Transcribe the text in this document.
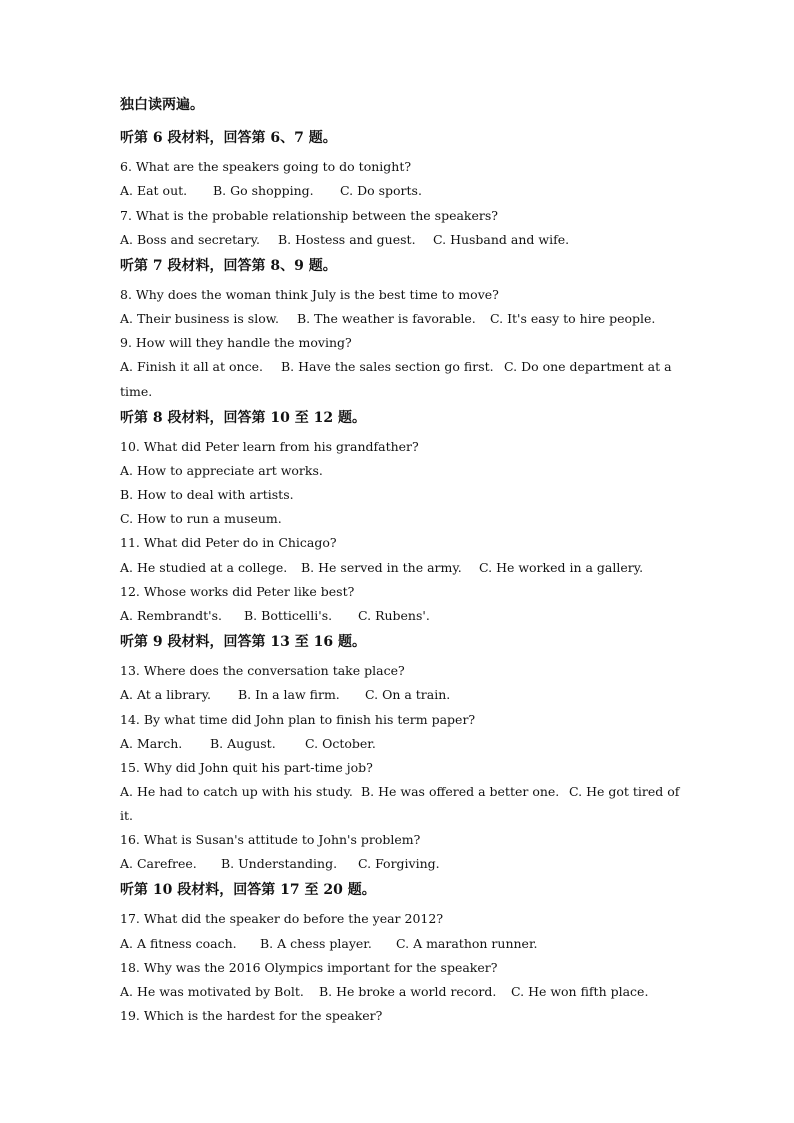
独白读两遍。
听第 6 段材料，回答第 6、7 题。
6. What are the speakers going to do tonight?
A. Eat out. B. Go shopping. C. Do sports.
7. What is the probable relationship between the speakers?
A. Boss and secretary. B. Hostess and guest. C. Husband and wife.
听第 7 段材料，回答第 8、9 题。
8. Why does the woman think July is the best time to move?
A. Their business is slow. B. The weather is favorable. C. It's easy to hire people.
9. How will they handle the moving?
A. Finish it all at once. B. Have the sales section go first. C. Do one department at a
time.
听第 8 段材料，回答第 10 至 12 题。
10. What did Peter learn from his grandfather?
A. How to appreciate art works.
B. How to deal with artists.
C. How to run a museum.
11. What did Peter do in Chicago?
A. He studied at a college. B. He served in the army. C. He worked in a gallery.
12. Whose works did Peter like best?
A. Rembrandt's. B. Botticelli's. C. Rubens'.
听第 9 段材料，回答第 13 至 16 题。
13. Where does the conversation take place?
A. At a library. B. In a law firm. C. On a train.
14. By what time did John plan to finish his term paper?
A. March. B. August. C. October.
15. Why did John quit his part-time job?
A. He had to catch up with his study. B. He was offered a better one. C. He got tired of
it.
16. What is Susan's attitude to John's problem?
A. Carefree. B. Understanding. C. Forgiving.
听第 10 段材料，回答第 17 至 20 题。
17. What did the speaker do before the year 2012?
A. A fitness coach. B. A chess player. C. A marathon runner.
18. Why was the 2016 Olympics important for the speaker?
A. He was motivated by Bolt. B. He broke a world record. C. He won fifth place.
19. Which is the hardest for the speaker?
